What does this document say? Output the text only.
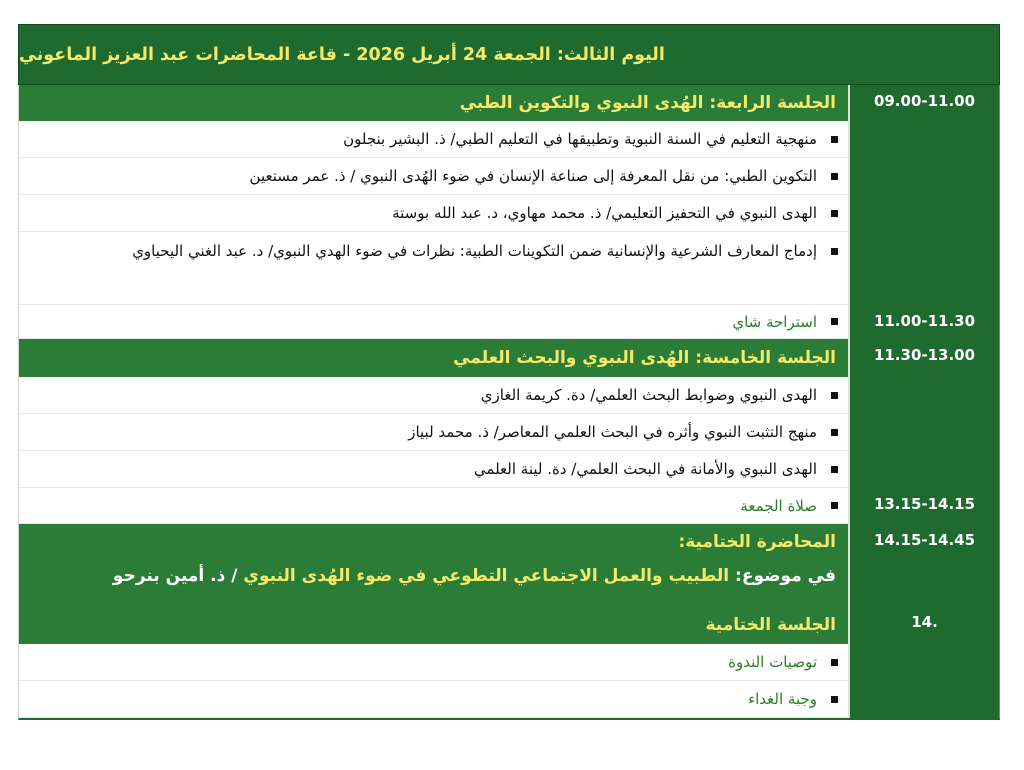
اليوم الثالث: الجمعة 24 أبريل 2026 - قاعة المحاضرات عبد العزيز الماعوني
09.00-11.00
الجلسة الرابعة: الهُدى النبوي والتكوين الطبي
منهجية التعليم في السنة النبوية وتطبيقها في التعليم الطبي/ ذ. البشير بنجلون
التكوين الطبي: من نقل المعرفة إلى صناعة الإنسان في ضوء الهُدى النبوي / ذ. عمر مستعين
الهدى النبوي في التحفيز التعليمي/ ذ. محمد مهاوي، د. عبد الله بوستة
إدماج المعارف الشرعية والإنسانية ضمن التكوينات الطبية: نظرات في ضوء الهدي النبوي/ د. عبد الغني اليحياوي
11.00-11.30
استراحة شاي
11.30-13.00
الجلسة الخامسة: الهُدى النبوي والبحث العلمي
الهدى النبوي وضوابط البحث العلمي/ دة. كريمة الغازي
منهج التثبت النبوي وأثره في البحث العلمي المعاصر/ ذ. محمد لبياز
الهدى النبوي والأمانة في البحث العلمي/ دة. لينة العلمي
13.15-14.15
صلاة الجمعة
14.15-14.45
المحاضرة الختامية:
في موضوع: الطبيب والعمل الاجتماعي التطوعي في ضوء الهُدى النبوي / ذ. أمين بنرحو
14.
الجلسة الختامية
توصيات الندوة
وجبة الغداء
